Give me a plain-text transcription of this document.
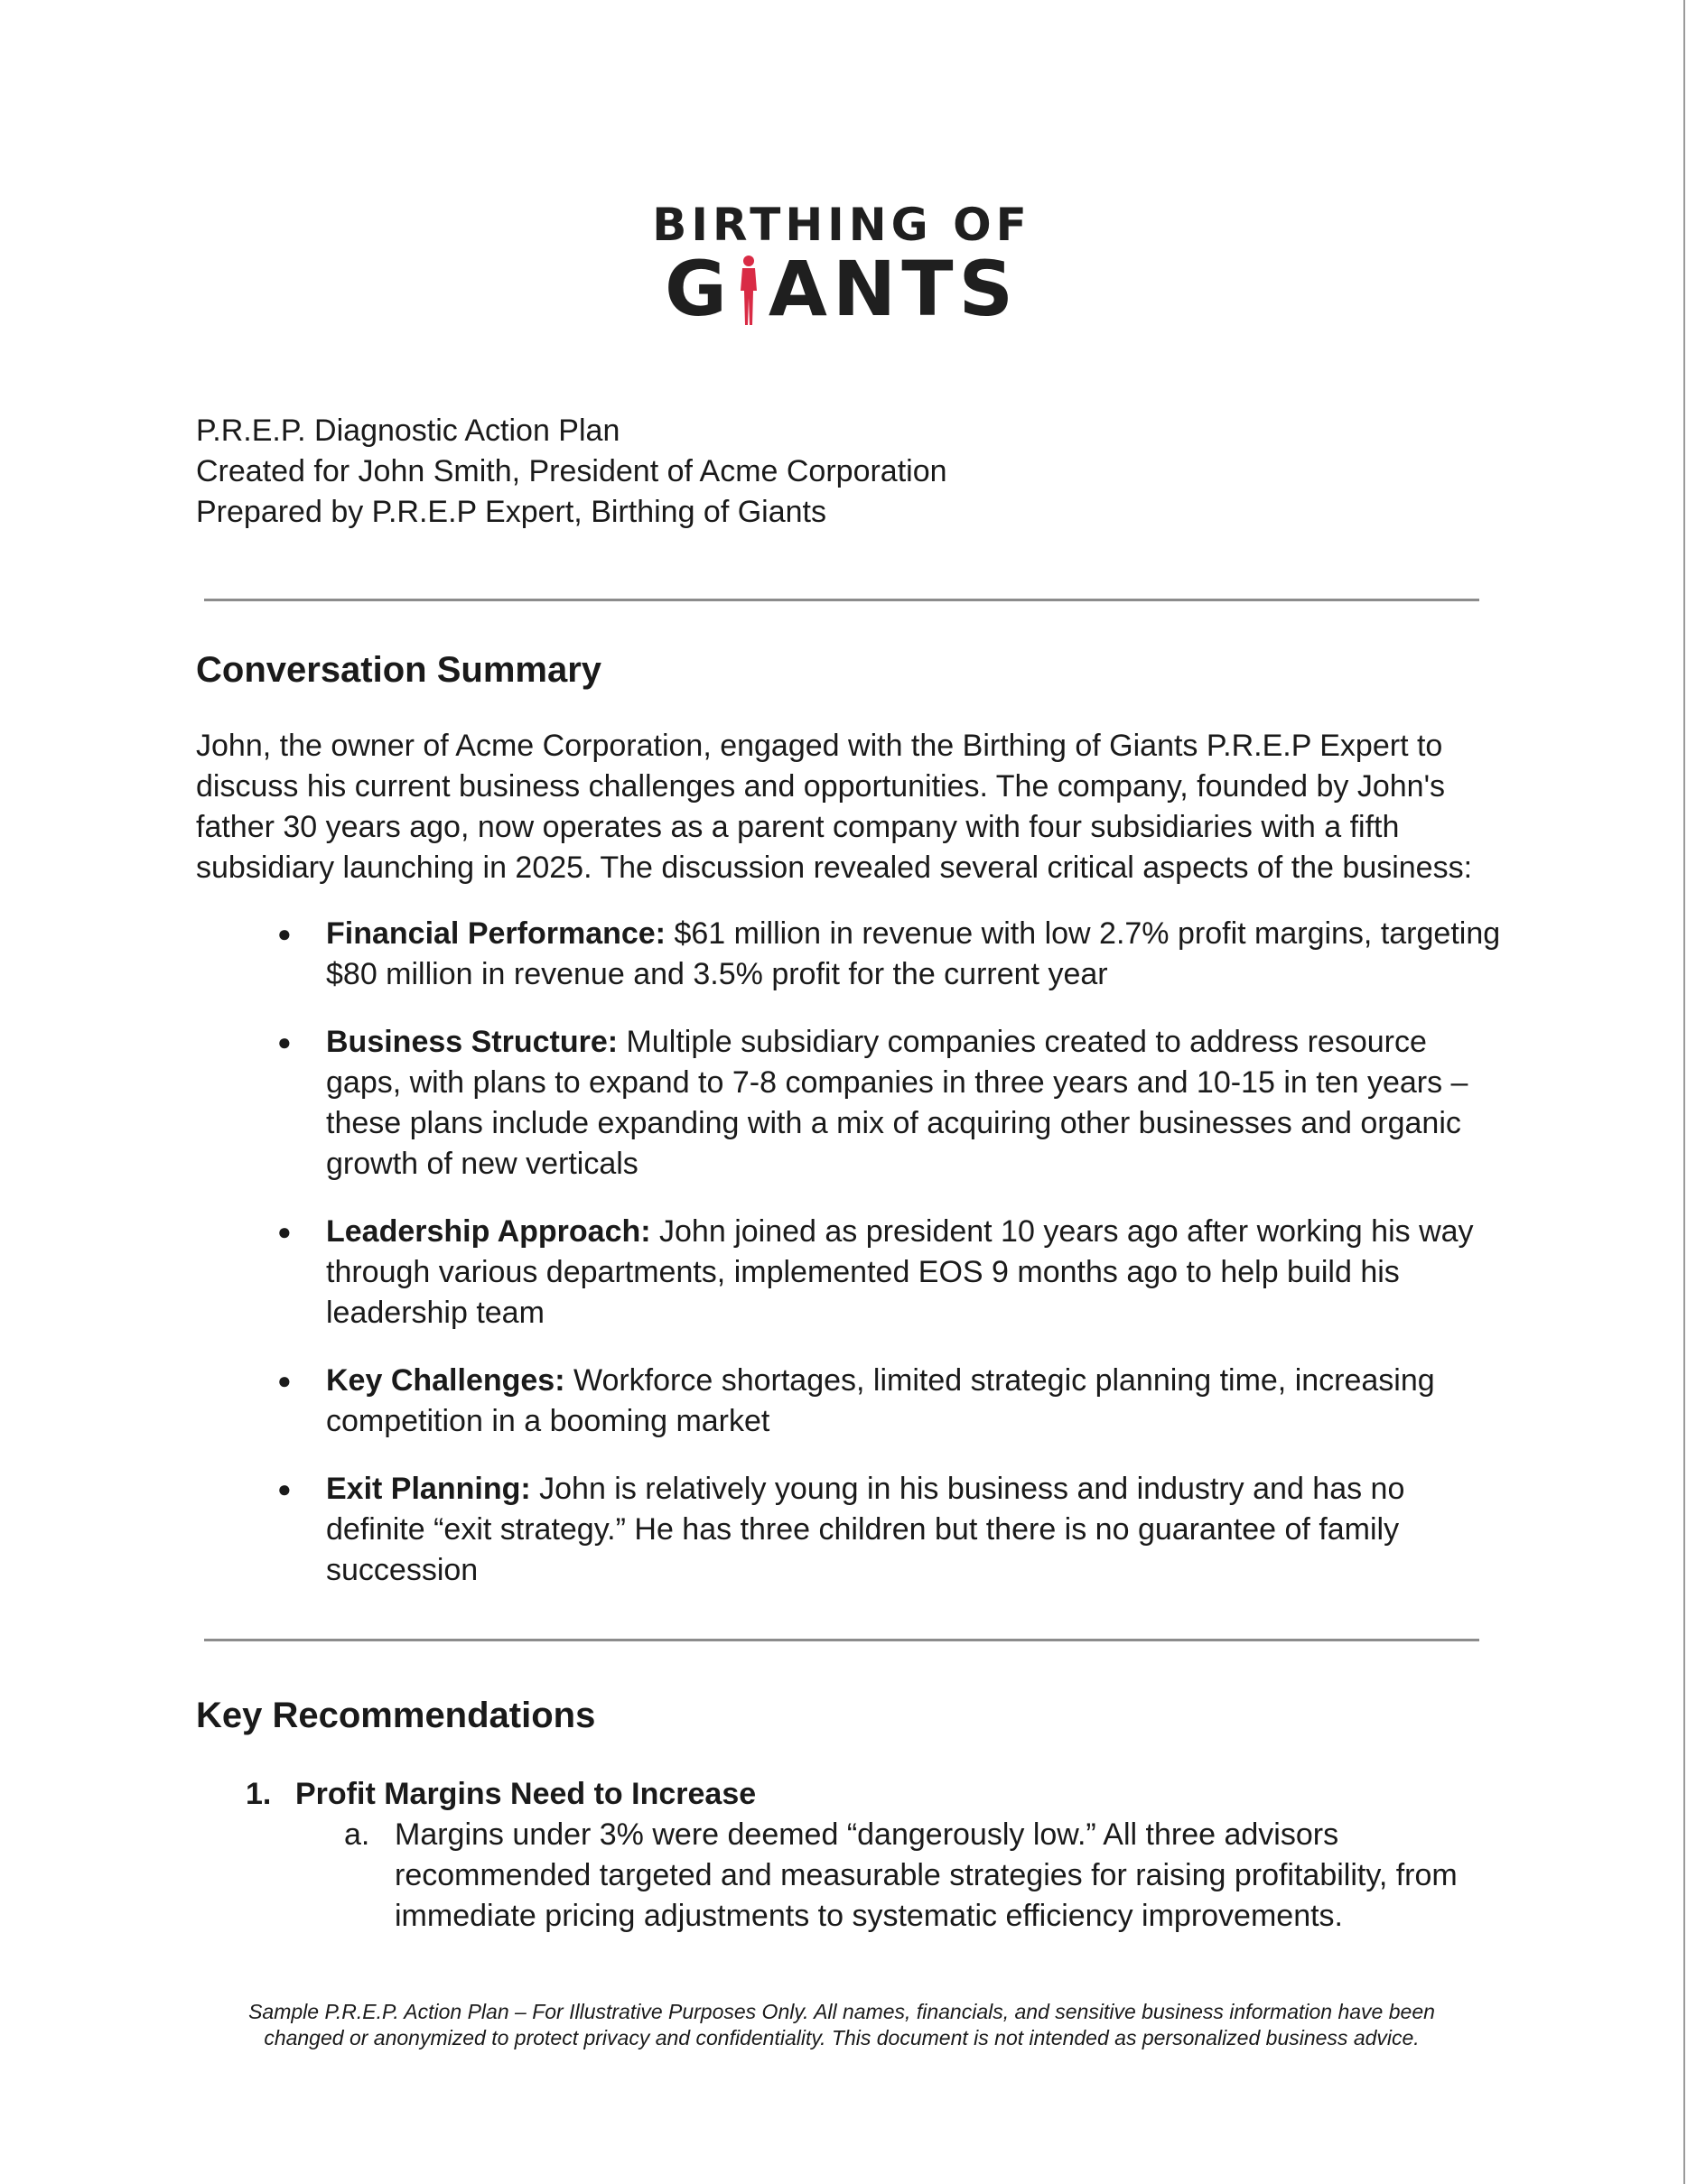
BIRTHING OF
G ANTS
P.R.E.P. Diagnostic Action Plan
Created for John Smith, President of Acme Corporation
Prepared by P.R.E.P Expert, Birthing of Giants
Conversation Summary
John, the owner of Acme Corporation, engaged with the Birthing of Giants P.R.E.P Expert to
discuss his current business challenges and opportunities. The company, founded by John's
father 30 years ago, now operates as a parent company with four subsidiaries with a fifth
subsidiary launching in 2025. The discussion revealed several critical aspects of the business:
● Financial Performance: $61 million in revenue with low 2.7% profit margins, targeting
$80 million in revenue and 3.5% profit for the current year
● Business Structure: Multiple subsidiary companies created to address resource
gaps, with plans to expand to 7-8 companies in three years and 10-15 in ten years –
these plans include expanding with a mix of acquiring other businesses and organic
growth of new verticals
● Leadership Approach: John joined as president 10 years ago after working his way
through various departments, implemented EOS 9 months ago to help build his
leadership team
● Key Challenges: Workforce shortages, limited strategic planning time, increasing
competition in a booming market
● Exit Planning: John is relatively young in his business and industry and has no
definite “exit strategy.” He has three children but there is no guarantee of family
succession
Key Recommendations
1. Profit Margins Need to Increase
a. Margins under 3% were deemed “dangerously low.” All three advisors
recommended targeted and measurable strategies for raising profitability, from
immediate pricing adjustments to systematic efficiency improvements.
Sample P.R.E.P. Action Plan – For Illustrative Purposes Only. All names, financials, and sensitive business information have been
changed or anonymized to protect privacy and confidentiality. This document is not intended as personalized business advice.
